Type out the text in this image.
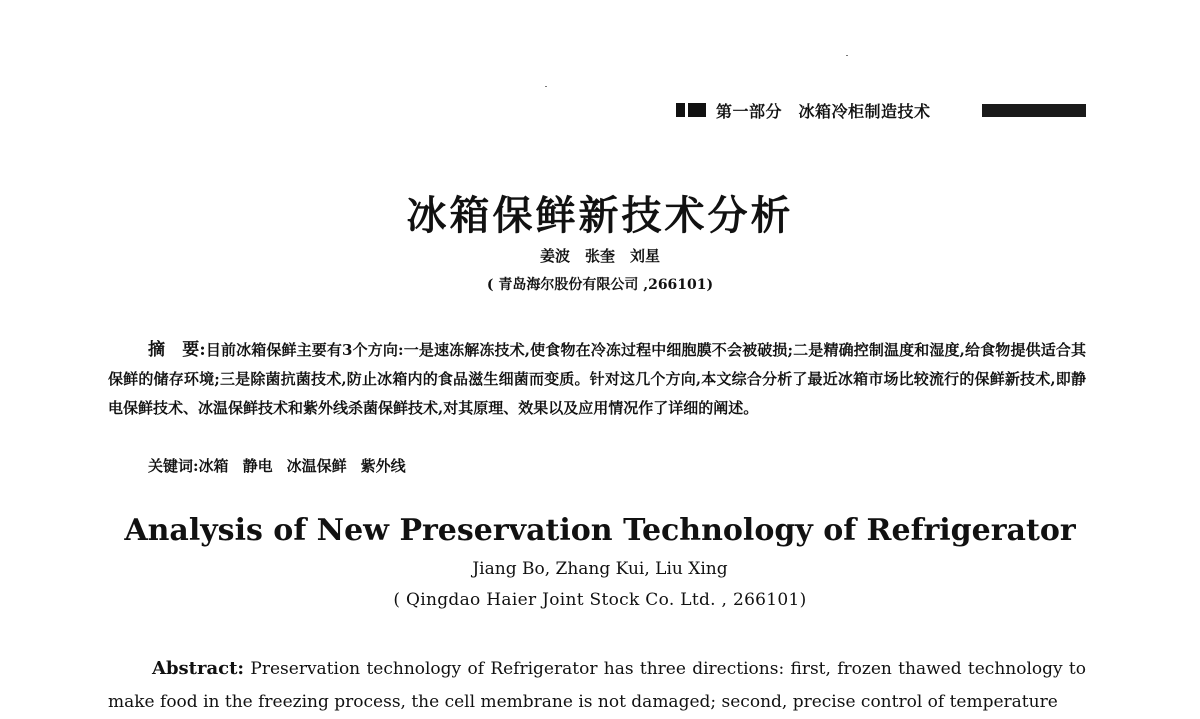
第一部分　冰箱冷柜制造技术
冰箱保鲜新技术分析
姜波　张奎　刘星
( 青岛海尔股份有限公司 ,266101)
摘　要:目前冰箱保鲜主要有3个方向:一是速冻解冻技术,使食物在冷冻过程中细胞膜不会被破损;二是精确控制温度和湿度,给食物提供适合其保鲜的储存环境;三是除菌抗菌技术,防止冰箱内的食品滋生细菌而变质。针对这几个方向,本文综合分析了最近冰箱市场比较流行的保鲜新技术,即静电保鲜技术、冰温保鲜技术和紫外线杀菌保鲜技术,对其原理、效果以及应用情况作了详细的阐述。
关键词:冰箱 静电 冰温保鲜 紫外线
Analysis of New Preservation Technology of Refrigerator
Jiang Bo, Zhang Kui, Liu Xing
( Qingdao Haier Joint Stock Co. Ltd. , 266101)
Abstract: Preservation technology of Refrigerator has three directions: first, frozen thawed technology to make food in the freezing process, the cell membrane is not damaged; second, precise control of temperature
